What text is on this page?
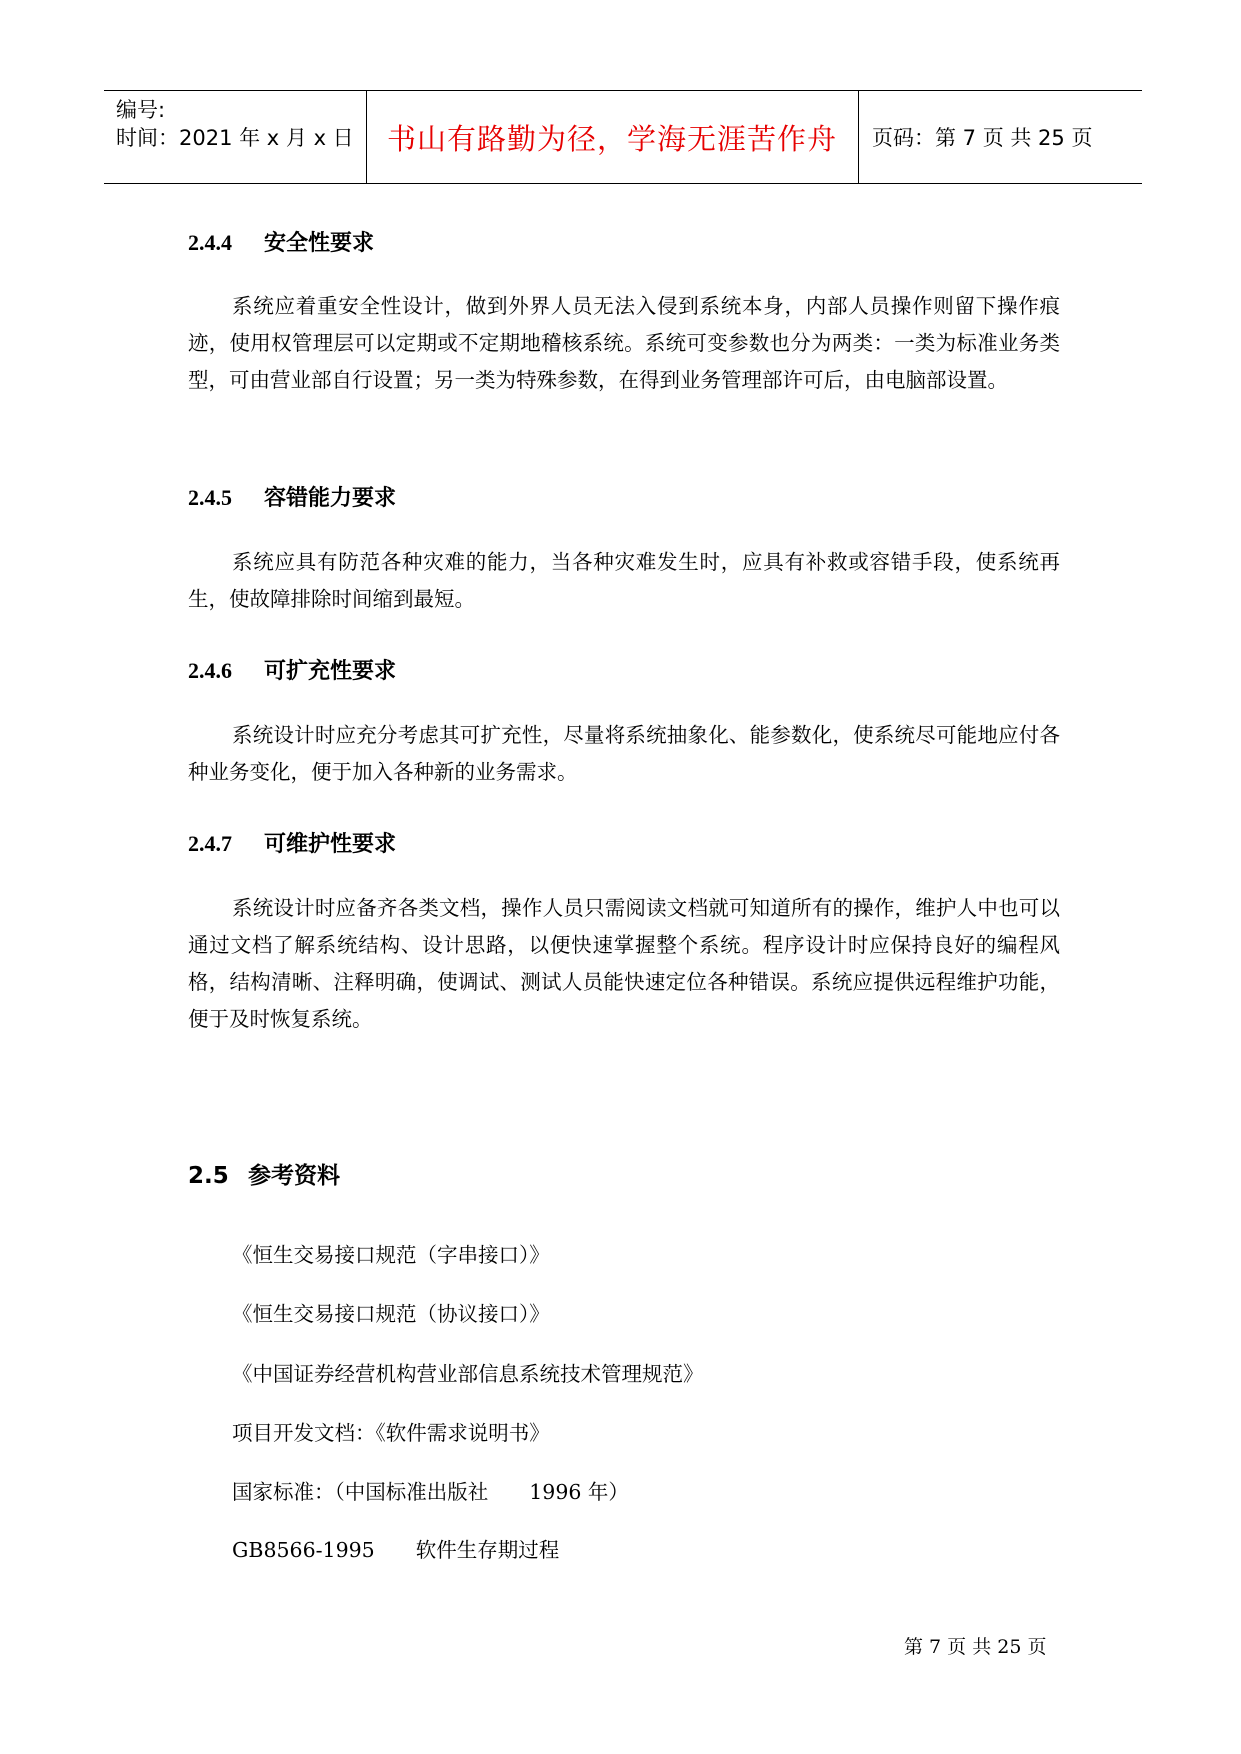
编号:
时间：2021 年 x 月 x 日	书山有路勤为径，学海无涯苦作舟	页码：第 7 页 共 25 页
2.4.4 安全性要求
系统应着重安全性设计，做到外界人员无法入侵到系统本身，内部人员操作则留下操作痕迹，使用权管理层可以定期或不定期地稽核系统。系统可变参数也分为两类：一类为标准业务类型，可由营业部自行设置；另一类为特殊参数，在得到业务管理部许可后，由电脑部设置。
2.4.5 容错能力要求
系统应具有防范各种灾难的能力，当各种灾难发生时，应具有补救或容错手段，使系统再生，使故障排除时间缩到最短。
2.4.6 可扩充性要求
系统设计时应充分考虑其可扩充性，尽量将系统抽象化、能参数化，使系统尽可能地应付各种业务变化，便于加入各种新的业务需求。
2.4.7 可维护性要求
系统设计时应备齐各类文档，操作人员只需阅读文档就可知道所有的操作，维护人中也可以通过文档了解系统结构、设计思路，以便快速掌握整个系统。程序设计时应保持良好的编程风格，结构清晰、注释明确，使调试、测试人员能快速定位各种错误。系统应提供远程维护功能，便于及时恢复系统。
2.5 参考资料
《恒生交易接口规范（字串接口）》
《恒生交易接口规范（协议接口）》
《中国证券经营机构营业部信息系统技术管理规范》
项目开发文档：《软件需求说明书》
国家标准：（中国标准出版社　　1996 年）
GB8566-1995　　软件生存期过程
第 7 页 共 25 页
